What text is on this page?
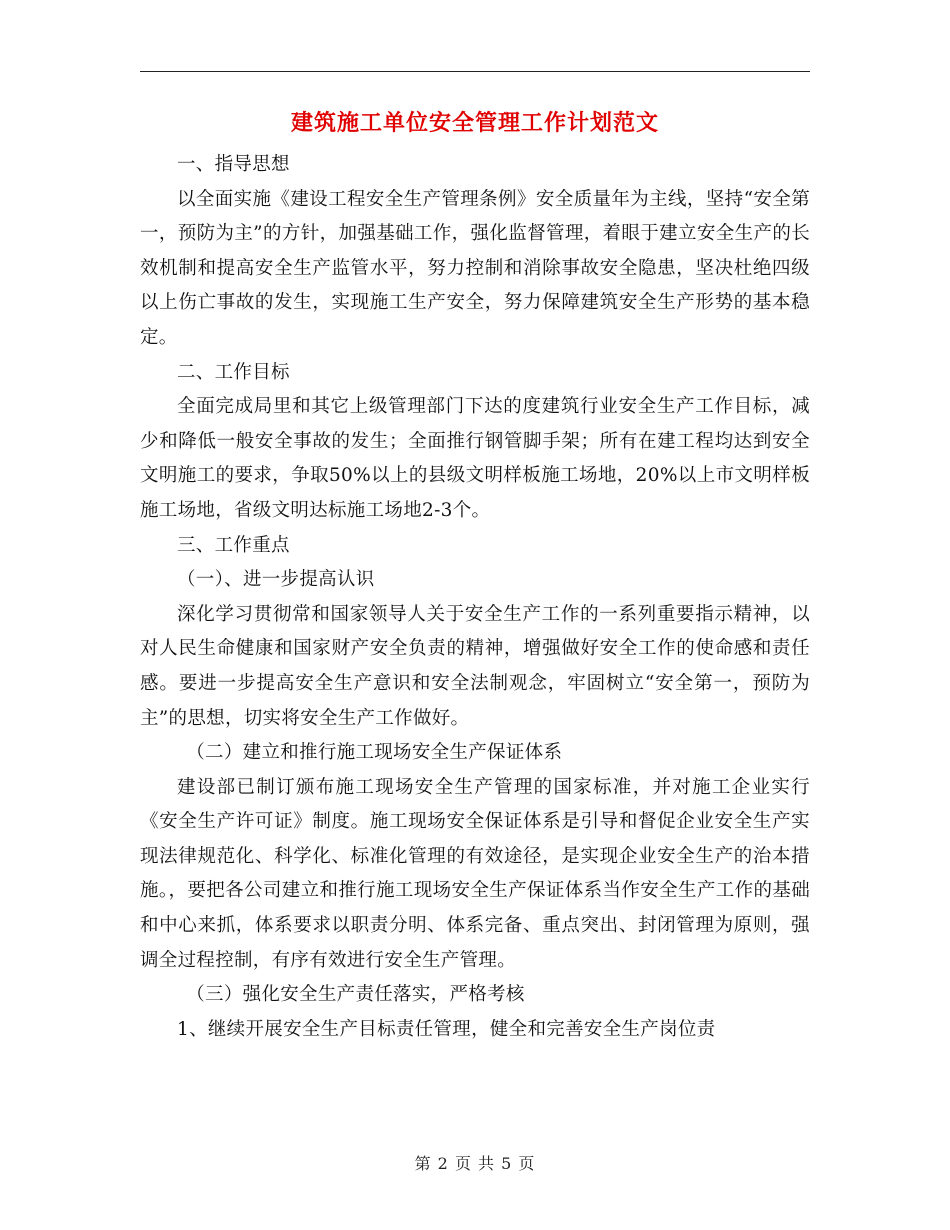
建筑施工单位安全管理工作计划范文

一、指导思想

以全面实施《建设工程安全生产管理条例》安全质量年为主线，坚持“安全第一，预防为主”的方针，加强基础工作，强化监督管理，着眼于建立安全生产的长效机制和提高安全生产监管水平，努力控制和消除事故安全隐患，坚决杜绝四级以上伤亡事故的发生，实现施工生产安全，努力保障建筑安全生产形势的基本稳定。

二、工作目标

全面完成局里和其它上级管理部门下达的度建筑行业安全生产工作目标，减少和降低一般安全事故的发生；全面推行钢管脚手架；所有在建工程均达到安全文明施工的要求，争取50%以上的县级文明样板施工场地，20%以上市文明样板施工场地，省级文明达标施工场地2-3个。

三、工作重点

（一）、进一步提高认识

深化学习贯彻常和国家领导人关于安全生产工作的一系列重要指示精神，以对人民生命健康和国家财产安全负责的精神，增强做好安全工作的使命感和责任感。要进一步提高安全生产意识和安全法制观念，牢固树立“安全第一，预防为主”的思想，切实将安全生产工作做好。

（二）建立和推行施工现场安全生产保证体系

建设部已制订颁布施工现场安全生产管理的国家标准，并对施工企业实行《安全生产许可证》制度。施工现场安全保证体系是引导和督促企业安全生产实现法律规范化、科学化、标准化管理的有效途径，是实现企业安全生产的治本措施。，要把各公司建立和推行施工现场安全生产保证体系当作安全生产工作的基础和中心来抓，体系要求以职责分明、体系完备、重点突出、封闭管理为原则，强调全过程控制，有序有效进行安全生产管理。

（三）强化安全生产责任落实，严格考核

1、继续开展安全生产目标责任管理，健全和完善安全生产岗位责

第 2 页 共 5 页
